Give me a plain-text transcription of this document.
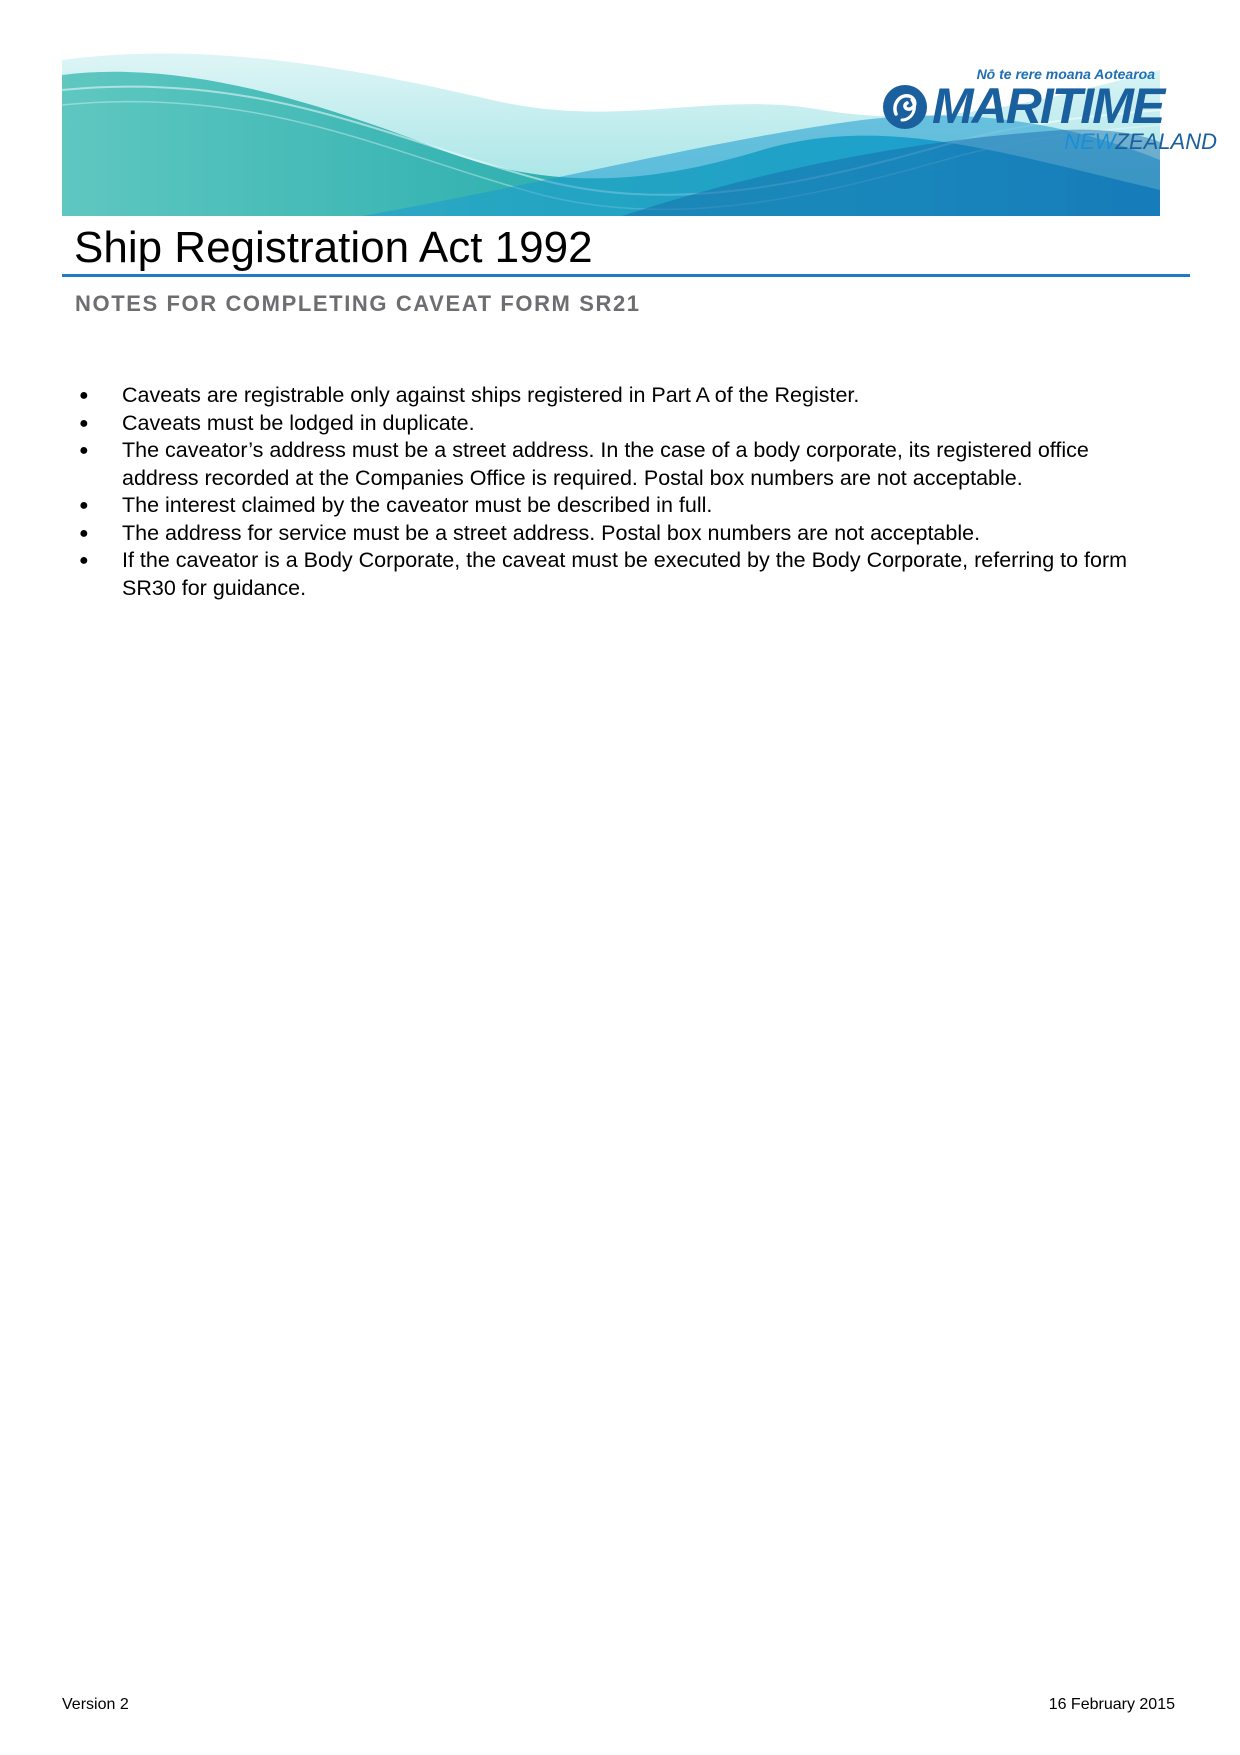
Nō te rere moana Aotearoa
MARITIME
NEWZEALAND
Ship Registration Act 1992
NOTES FOR COMPLETING CAVEAT FORM SR21
● Caveats are registrable only against ships registered in Part A of the Register.
● Caveats must be lodged in duplicate.
● The caveator’s address must be a street address. In the case of a body corporate, its registered office address recorded at the Companies Office is required. Postal box numbers are not acceptable.
● The interest claimed by the caveator must be described in full.
● The address for service must be a street address. Postal box numbers are not acceptable.
● If the caveator is a Body Corporate, the caveat must be executed by the Body Corporate, referring to form SR30 for guidance.
Version 2	16 February 2015
